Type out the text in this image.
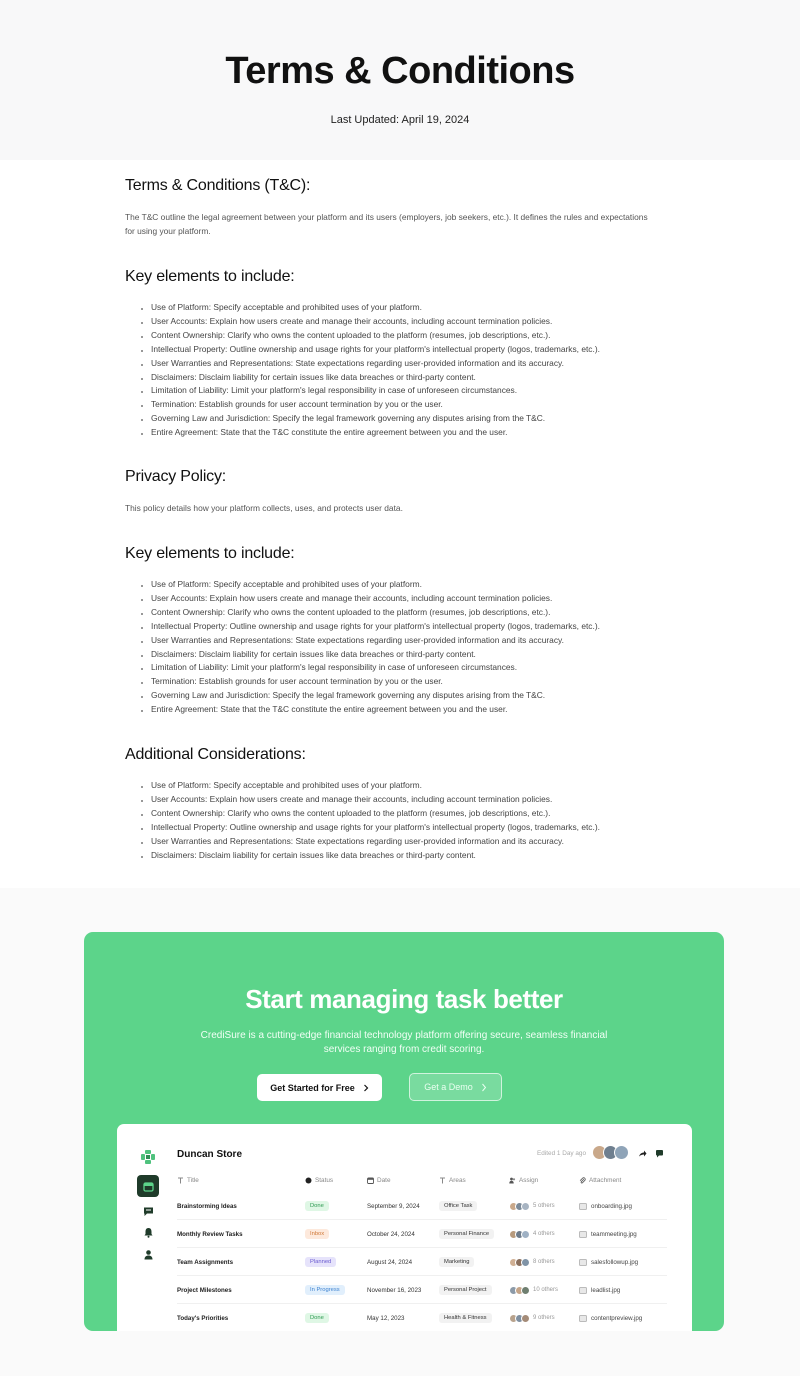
Terms & Conditions
Last Updated: April 19, 2024
Terms & Conditions (T&C):
The T&C outline the legal agreement between your platform and its users (employers, job seekers, etc.). It defines the rules and expectations for using your platform.
Key elements to include:
• Use of Platform: Specify acceptable and prohibited uses of your platform.
• User Accounts: Explain how users create and manage their accounts, including account termination policies.
• Content Ownership: Clarify who owns the content uploaded to the platform (resumes, job descriptions, etc.).
• Intellectual Property: Outline ownership and usage rights for your platform's intellectual property (logos, trademarks, etc.).
• User Warranties and Representations: State expectations regarding user-provided information and its accuracy.
• Disclaimers: Disclaim liability for certain issues like data breaches or third-party content.
• Limitation of Liability: Limit your platform's legal responsibility in case of unforeseen circumstances.
• Termination: Establish grounds for user account termination by you or the user.
• Governing Law and Jurisdiction: Specify the legal framework governing any disputes arising from the T&C.
• Entire Agreement: State that the T&C constitute the entire agreement between you and the user.
Privacy Policy:
This policy details how your platform collects, uses, and protects user data.
Key elements to include:
• Use of Platform: Specify acceptable and prohibited uses of your platform.
• User Accounts: Explain how users create and manage their accounts, including account termination policies.
• Content Ownership: Clarify who owns the content uploaded to the platform (resumes, job descriptions, etc.).
• Intellectual Property: Outline ownership and usage rights for your platform's intellectual property (logos, trademarks, etc.).
• User Warranties and Representations: State expectations regarding user-provided information and its accuracy.
• Disclaimers: Disclaim liability for certain issues like data breaches or third-party content.
• Limitation of Liability: Limit your platform's legal responsibility in case of unforeseen circumstances.
• Termination: Establish grounds for user account termination by you or the user.
• Governing Law and Jurisdiction: Specify the legal framework governing any disputes arising from the T&C.
• Entire Agreement: State that the T&C constitute the entire agreement between you and the user.
Additional Considerations:
• Use of Platform: Specify acceptable and prohibited uses of your platform.
• User Accounts: Explain how users create and manage their accounts, including account termination policies.
• Content Ownership: Clarify who owns the content uploaded to the platform (resumes, job descriptions, etc.).
• Intellectual Property: Outline ownership and usage rights for your platform's intellectual property (logos, trademarks, etc.).
• User Warranties and Representations: State expectations regarding user-provided information and its accuracy.
• Disclaimers: Disclaim liability for certain issues like data breaches or third-party content.
Start managing task better
CrediSure is a cutting-edge financial technology platform offering secure, seamless financial services ranging from credit scoring.
Get Started for Free	Get a Demo
Duncan Store	Edited 1 Day ago
Title	Status	Date	Areas	Assign	Attachment
Brainstorming Ideas	Done	September 9, 2024	Office Task	5 others	onboarding.jpg
Monthly Review Tasks	Inbox	October 24, 2024	Personal Finance	4 others	teammeeting.jpg
Team Assignments	Planned	August 24, 2024	Marketing	8 others	salesfollowup.jpg
Project Milestones	In Progress	November 16, 2023	Personal Project	10 others	leadlist.jpg
Today's Priorities	Done	May 12, 2023	Health & Fitness	9 others	contentpreview.jpg
